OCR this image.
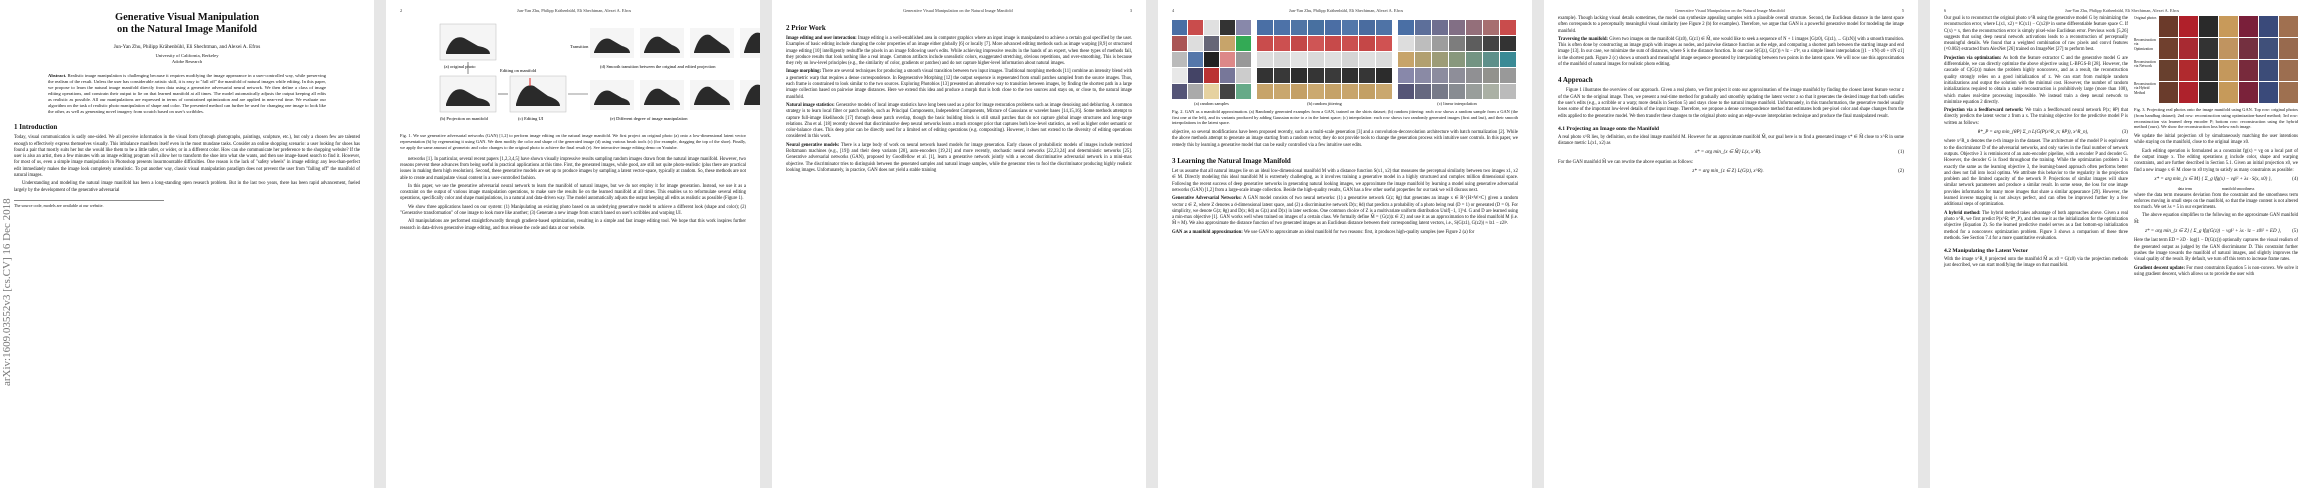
arXiv:1609.03552v3 [cs.CV] 16 Dec 2018
Generative Visual Manipulation
on the Natural Image Manifold
Jun-Yan Zhu, Philipp Krähenbühl, Eli Shechtman, and Alexei A. Efros
University of California, Berkeley
Adobe Research
Abstract. Realistic image manipulation is challenging because it requires modifying the image appearance in a user-controlled way, while preserving the realism of the result. Unless the user has considerable artistic skill, it is easy to "fall off" the manifold of natural images while editing. In this paper, we propose to learn the natural image manifold directly from data using a generative adversarial neural network. We then define a class of image editing operations, and constrain their output to lie on that learned manifold at all times. The model automatically adjusts the output keeping all edits as realistic as possible. All our manipulations are expressed in terms of constrained optimization and are applied in near-real time. We evaluate our algorithm on the task of realistic photo manipulation of shape and color. The presented method can further be used for changing one image to look like the other, as well as generating novel imagery from scratch based on user's scribbles.
1 Introduction

Today, visual communication is sadly one-sided. We all perceive information in the visual form (through photographs, paintings, sculpture, etc.), but only a chosen few are talented enough to effectively express themselves visually. This imbalance manifests itself even in the most mundane tasks. Consider an online shopping scenario: a user looking for shoes has found a pair that mostly suits her but she would like them to be a little taller, or wider, or in a different color. How can she communicate her preference to the shopping website? If the user is also an artist, then a few minutes with an image editing program will allow her to transform the shoe into what she wants, and then use image-based search to find it. However, for most of us, even a simple image manipulation in Photoshop presents insurmountable difficulties. One reason is the lack of "safety wheels" in image editing: any less-than-perfect edit immediately makes the image look completely unrealistic. To put another way, classic visual manipulation paradigm does not prevent the user from "falling off" the manifold of natural images.

Understanding and modeling the natural image manifold has been a long-standing open research problem. But in the last two years, there has been rapid advancement, fueled largely by the development of the generative adversarial

The source code, models are available at our website.
2	Jun-Yan Zhu, Philipp Krähenbühl, Eli Shechtman, Alexei A. Efros
(a) original photo
(b) Projection on manifold	(c) Editing UI
(d) Smooth transition between the original and edited projection
(e) Different degree of image manipulation
Editing on manifold
Transition
Fig. 1. We use generative adversarial networks (GAN) [1,2] to perform image editing on the natural image manifold. We first project an original photo (a) onto a low-dimensional latent vector representation (b) by regenerating it using GAN. We then modify the color and shape of the generated image (d) using various brush tools (c) (for example, dragging the top of the shoe). Finally, we apply the same amount of geometric and color changes to the original photo to achieve the final result (e). See interactive image editing demo on Youtube.

networks [1]. In particular, several recent papers [1,2,3,4,5] have shown visually impressive results sampling random images drawn from the natural image manifold. However, two reasons prevent these advances from being useful in practical applications at this time. First, the generated images, while good, are still not quite photo-realistic (plus there are practical issues in making them high resolution). Second, these generative models are set up to produce images by sampling a latent vector-space, typically at random. So, these methods are not able to create and manipulate visual content in a user-controlled fashion.

In this paper, we use the generative adversarial neural network to learn the manifold of natural images, but we do not employ it for image generation. Instead, we use it as a constraint on the output of various image manipulation operations, to make sure the results lie on the learned manifold at all times. This enables us to reformulate several editing operations, specifically color and shape manipulations, in a natural and data-driven way. The model automatically adjusts the output keeping all edits as realistic as possible (Figure 1).

We show three applications based on our system: (1) Manipulating an existing photo based on an underlying generative model to achieve a different look (shape and color); (2) "Generative transformation" of one image to look more like another; (3) Generate a new image from scratch based on user's scribbles and warping UI.

All manipulations are performed straightforwardly through gradient-based optimization, resulting in a simple and fast image editing tool. We hope that this work inspires further research in data-driven generative image editing, and thus release the code and data at our website.

Generative Visual Manipulation on the Natural Image Manifold	3
2 Prior Work

Image editing and user interaction: Image editing is a well-established area in computer graphics where an input image is manipulated to achieve a certain goal specified by the user. Examples of basic editing include changing the color properties of an image either globally [6] or locally [7]. More advanced editing methods such as image warping [8,9] or structured image editing [10] intelligently reshuffle the pixels in an image following user's edits. While achieving impressive results in the hands of an expert, when these types of methods fail, they produce results that look nothing like a real image. Common artifacts include unrealistic colors, exaggerated stretching, obvious repetitions, and over-smoothing. This is because they rely on low-level principles (e.g., the similarity of color, gradients or patches) and do not capture higher-level information about natural images.

Image morphing: There are several techniques for producing a smooth visual transition between two input images. Traditional morphing methods [11] combine an intensity blend with a geometric warp that requires a dense correspondence. In Regenerative Morphing [12] the output sequence is regenerated from small patches sampled from the source images. Thus, each frame is constrained to look similar to the two sources. Exploring Photobios [13] presented an alternative way to transition between images, by finding the shortest path in a large image collection based on pairwise image distances. Here we extend this idea and produce a morph that is both close to the two sources and stays on, or close to, the natural image manifold.

Natural image statistics: Generative models of local image statistics have long been used as a prior for image restoration problems such as image denoising and deblurring. A common strategy is to learn local filter or patch models, such as Principal Components, Independent Components, Mixture of Gaussians or wavelet bases [14,15,16]. Some methods attempt to capture full-image likelihoods [17] through dense patch overlap, though the basic building block is still small patches that do not capture global image structures and long-range relations. Zhu et al. [18] recently showed that discriminative deep neural networks learn a much stronger prior that captures both low-level statistics, as well as higher order semantic or color-balance clues. This deep prior can be directly used for a limited set of editing operations (e.g. compositing). However, it does not extend to the diversity of editing operations considered in this work.

Neural generative models: There is a large body of work on neural network based models for image generation. Early classes of probabilistic models of images include restricted Boltzmann machines (e.g., [19]) and their deep variants [20], auto-encoders [19,21] and more recently, stochastic neural networks [22,23,24] and deterministic networks [25]. Generative adversarial networks (GAN), proposed by Goodfellow et al. [1], learn a generative network jointly with a second discriminative adversarial network in a mini-max objective. The discriminator tries to distinguish between the generated samples and natural image samples, while the generator tries to fool the discriminator producing highly realistic looking images. Unfortunately, in practice, GAN does not yield a stable training

4	Jun-Yan Zhu, Philipp Krähenbühl, Eli Shechtman, Alexei A. Efros
(a) random samples	(b) random jittering	(c) linear interpolation
Fig. 2. GAN as a manifold approximation. (a) Randomly generated examples from a GAN, trained on the shirts dataset; (b) random jittering: each row shows a random sample from a GAN (the first one at the left), and its variants produced by adding Gaussian noise to z in the latent space; (c) interpolation: each row shows two randomly generated images (first and last), and their smooth interpolations in the latent space.

objective, so several modifications have been proposed recently, such as a multi-scale generation [3] and a convolution-deconvolution architecture with batch normalization [2]. While the above methods attempt to generate an image starting from a random vector, they do not provide tools to change the generation process with intuitive user controls. In this paper, we remedy this by learning a generative model that can be easily controlled via a few intuitive user edits.

3 Learning the Natural Image Manifold

Let us assume that all natural images lie on an ideal low-dimensional manifold M with a distance function S(x1, x2) that measures the perceptual similarity between two images x1, x2 ∈ M. Directly modeling this ideal manifold M is extremely challenging, as it involves training a generative model in a highly structured and complex million dimensional space. Following the recent success of deep generative networks in generating natural looking images, we approximate the image manifold by learning a model using generative adversarial networks (GAN) [1,2] from a large-scale image collection. Beside the high-quality results, GAN has a few other useful properties for our task we will discuss next.

Generative Adversarial Networks: A GAN model consists of two neural networks: (1) a generative network G(z; θg) that generates an image x ∈ R^{H×W×C} given a random vector z ∈ Z, where Z denotes a d-dimensional latent space, and (2) a discriminative network D(x; θd) that predicts a probability of a photo being real (D = 1) or generated (D = 0). For simplicity, we denote G(z; θg) and D(x; θd) as G(z) and D(x) in later sections. One common choice of Z is a multivariate uniform distribution Unif[−1, 1]^d. G and D are learned using a min-max objective [1]. GAN works well when trained on images of a certain class. We formally define M̃ = {G(z)|z ∈ Z} and use it as an approximation to the ideal manifold M (i.e. M̃ ≈ M). We also approximate the distance function of two generated images as an Euclidean distance between their corresponding latent vectors, i.e., S(G(z1), G(z2)) ≈ ‖z1 − z2‖².

GAN as a manifold approximation: We use GAN to approximate an ideal manifold for two reasons: first, it produces high-quality samples (see Figure 2 (a) for

Generative Visual Manipulation on the Natural Image Manifold	5

example). Though lacking visual details sometimes, the model can synthesize appealing samples with a plausible overall structure. Second, the Euclidean distance in the latent space often corresponds to a perceptually meaningful visual similarity (see Figure 2 (b) for examples). Therefore, we argue that GAN is a powerful generative model for modeling the image manifold.

Traversing the manifold: Given two images on the manifold G(z0), G(z1) ∈ M̃, one would like to seek a sequence of N + 1 images [G(z0), G(z1), ... G(zN)] with a smooth transition. This is often done by constructing an image graph with images as nodes, and pairwise distance function as the edge, and computing a shortest path between the starting image and end image [13]. In our case, we minimize the sum of distances, where S is the distance function. In our case S(G(z), G(z')) ≈ ‖z − z'‖², so a simple linear interpolation [(1 − t/N)·z0 + t/N·z1] is the shortest path. Figure 2 (c) shows a smooth and meaningful image sequence generated by interpolating between two points in the latent space. We will now use this approximation of the manifold of natural images for realistic photo editing.

4 Approach

Figure 1 illustrates the overview of our approach. Given a real photo, we first project it onto our approximation of the image manifold by finding the closest latent feature vector z of the GAN to the original image. Then, we present a real-time method for gradually and smoothly updating the latent vector z so that it generates the desired image that both satisfies the user's edits (e.g., a scribble or a warp; more details in Section 5) and stays close to the natural image manifold. Unfortunately, in this transformation, the generative model usually loses some of the important low-level details of the input image. Therefore, we propose a dense correspondence method that estimates both per-pixel color and shape changes from the edits applied to the generative model. We then transfer these changes to the original photo using an edge-aware interpolation technique and produce the final manipulated result.

4.1 Projecting an Image onto the Manifold

A real photo x^R lies, by definition, on the ideal image manifold M. However for an approximate manifold M̃, our goal here is to find a generated image x* ∈ M̃ close to x^R in some distance metric L(x1, x2) as

x* = arg min_{x ∈ M̃} L(x, x^R).	(1)

For the GAN manifold M̃ we can rewrite the above equation as follows:

z* = arg min_{z ∈ Z} L(G(z), x^R).	(2)
6	Jun-Yan Zhu, Philipp Krähenbühl, Eli Shechtman, Alexei A. Efros

Our goal is to reconstruct the original photo x^R using the generative model G by minimizing the reconstruction error, where L(x1, x2) = ‖C(x1) − C(x2)‖² in some differentiable feature space C. If C(x) = x, then the reconstruction error is simply pixel-wise Euclidean error. Previous work [5,26] suggests that using deep neural network activations leads to a reconstruction of perceptually meaningful details. We found that a weighted combination of raw pixels and conv4 features (×0.002) extracted from AlexNet [26] trained on ImageNet [27] to perform best.

Projection via optimization: As both the feature extractor C and the generative model G are differentiable, we can directly optimize the above objective using L-BFGS-B [28]. However, the cascade of C(G(z)) makes the problem highly nonconvex, and as a result, the reconstruction quality strongly relies on a good initialization of z. We can start from multiple random initializations and output the solution with the minimal cost. However, the number of random initializations required to obtain a stable reconstruction is prohibitively large (more than 100), which makes real-time processing impossible. We instead train a deep neural network to minimize equation 2 directly.

Projection via a feedforward network: We train a feedforward neural network P(x; θP) that directly predicts the latent vector z from a x. The training objective for the predictive model P is written as follows:

θ*_P = arg min_{θP} Σ_n L(G(P(x^R_n; θP)), x^R_n),	(3)

where x^R_n denotes the n-th image in the dataset. The architecture of the model P is equivalent to the discriminator D of the adversarial networks, and only varies in the final number of network outputs. Objective 3 is reminiscent of an auto-encoder pipeline, with a encoder P and decoder G. However, the decoder G is fixed throughout the training. While the optimization problem 2 is exactly the same as the learning objective 3, the learning-based approach often performs better and does not fall into local optima. We attribute this behavior to the regularity in the projection problem and the limited capacity of the network P. Projections of similar images will share similar network parameters and produce a similar result. In some sense, the loss for one image provides information for many more images that share a similar appearance [29]. However, the learned inverse mapping is not always perfect, and can often be improved further by a few additional steps of optimization.

A hybrid method: The hybrid method takes advantage of both approaches above. Given a real photo x^R, we first predict P(x^R; θ*_P), and then use it as the initialization for the optimization objective (Equation 2). So the learned predictive model serves as a fast bottom-up initialization method for a nonconvex optimization problem. Figure 3 shows a comparison of these three methods. See Section 7.4 for a more quantitative evaluation.

4.2 Manipulating the Latent Vector

With the image x^R_0 projected onto the manifold M̃ as x0 = G(z0) via the projection methods just described, we can start modifying the image on that manifold.

Original photos
Reconstruction via Optimization
Reconstruction via Network
Reconstruction via Hybrid Method
Fig. 3. Projecting real photos onto the image manifold using GAN. Top row: original photos (from handbag dataset); 2nd row: reconstruction using optimization-based method; 3rd row: reconstruction via learned deep encoder P; bottom row: reconstruction using the hybrid method (ours). We show the reconstruction loss below each image.

We update the initial projection x0 by simultaneously matching the user intentions while staying on the manifold, close to the original image x0.

Each editing operation is formulated as a constraint fg(x) = vg on a local part of the output image x. The editing operations g include color, shape and warping constraints, and are further described in Section 5.1. Given an initial projection x0, we find a new image x ∈ M close to x0 trying to satisfy as many constraints as possible:

x* = arg min_{x ∈ M} { Σ_g ‖fg(x) − vg‖² + λs · S(x, x0) },	(4)
data term	manifold smoothness

where the data term measures deviation from the constraint and the smoothness term enforces moving in small steps on the manifold, so that the image content is not altered too much. We set λs = 5 in our experiments.

The above equation simplifies to the following on the approximate GAN manifold M̃:

z* = arg min_{z ∈ Z} { Σ_g ‖fg(G(z)) − vg‖² + λs · ‖z − z0‖² + ED }, (5)

Here the last term ED = λD · log(1 − D(G(z))) optionally captures the visual realism of the generated output as judged by the GAN discriminator D. This constraint further pushes the image towards the manifold of natural images, and slightly improves the visual quality of the result. By default, we turn off this term to increase frame rates.

Gradient descent update: For most constraints Equation 5 is non-convex. We solve it using gradient descent, which allows us to provide the user with
